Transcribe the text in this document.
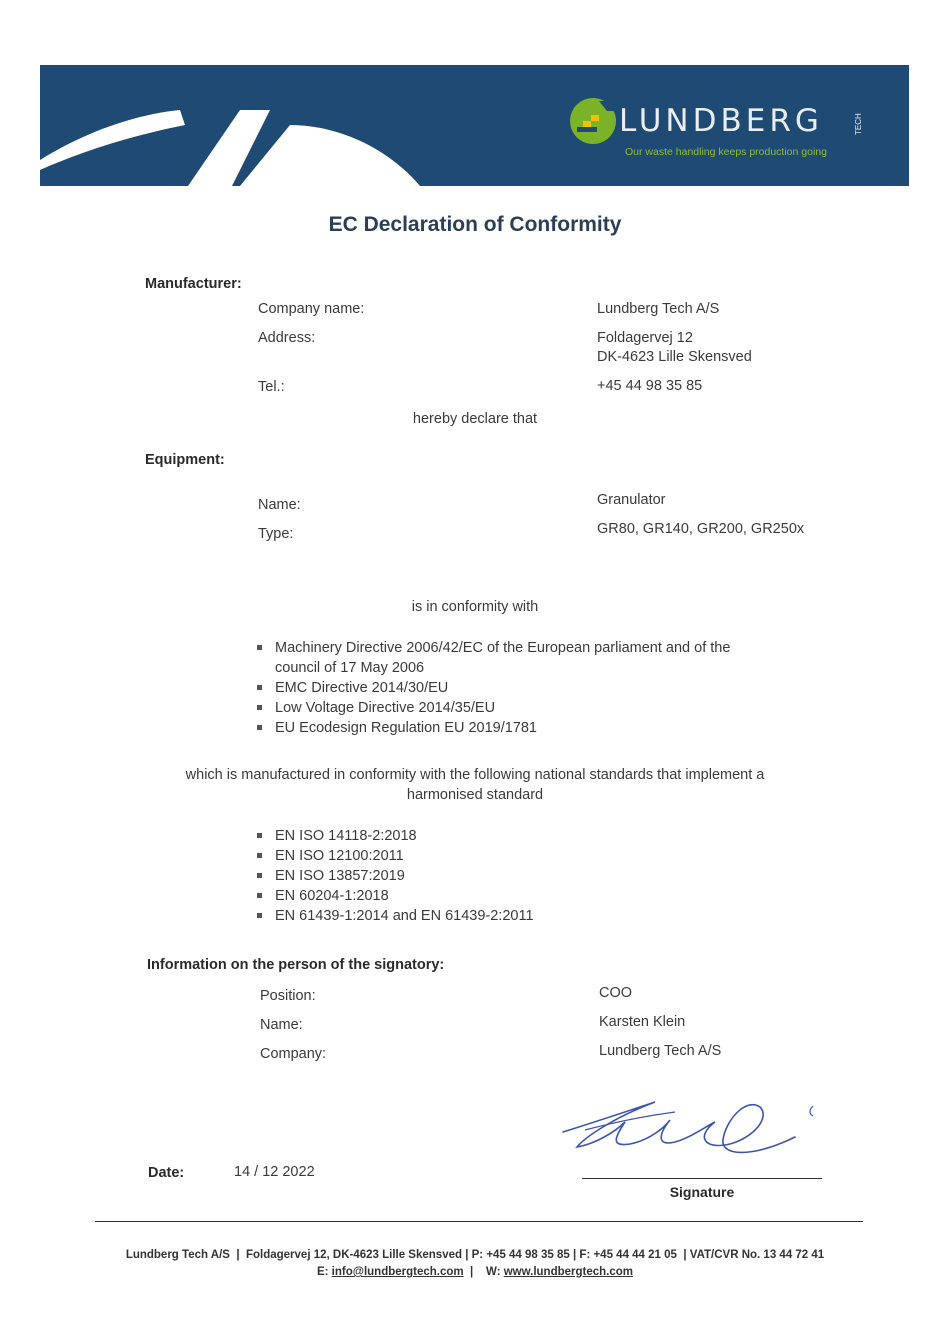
LUNDBERG	TECH
Our waste handling keeps production going
EC Declaration of Conformity
Manufacturer:
Company name:	Lundberg Tech A/S
Address:	Foldagervej 12
DK-4623 Lille Skensved
Tel.:	+45 44 98 35 85
hereby declare that
Equipment:
Name:	Granulator
Type:	GR80, GR140, GR200, GR250x
is in conformity with
Machinery Directive 2006/42/EC of the European parliament and of the council of 17 May 2006
EMC Directive 2014/30/EU
Low Voltage Directive 2014/35/EU
EU Ecodesign Regulation EU 2019/1781
which is manufactured in conformity with the following national standards that implement a
harmonised standard
EN ISO 14118-2:2018
EN ISO 12100:2011
EN ISO 13857:2019
EN 60204-1:2018
EN 61439-1:2014 and EN 61439-2:2011
Information on the person of the signatory:
Position:	COO
Name:	Karsten Klein
Company:	Lundberg Tech A/S
Signature
Date:	14 / 12 2022
Lundberg Tech A/S  |  Foldagervej 12, DK-4623 Lille Skensved | P: +45 44 98 35 85 | F: +45 44 44 21 05  | VAT/CVR No. 13 44 72 41
E: info@lundbergtech.com  |    W: www.lundbergtech.com
